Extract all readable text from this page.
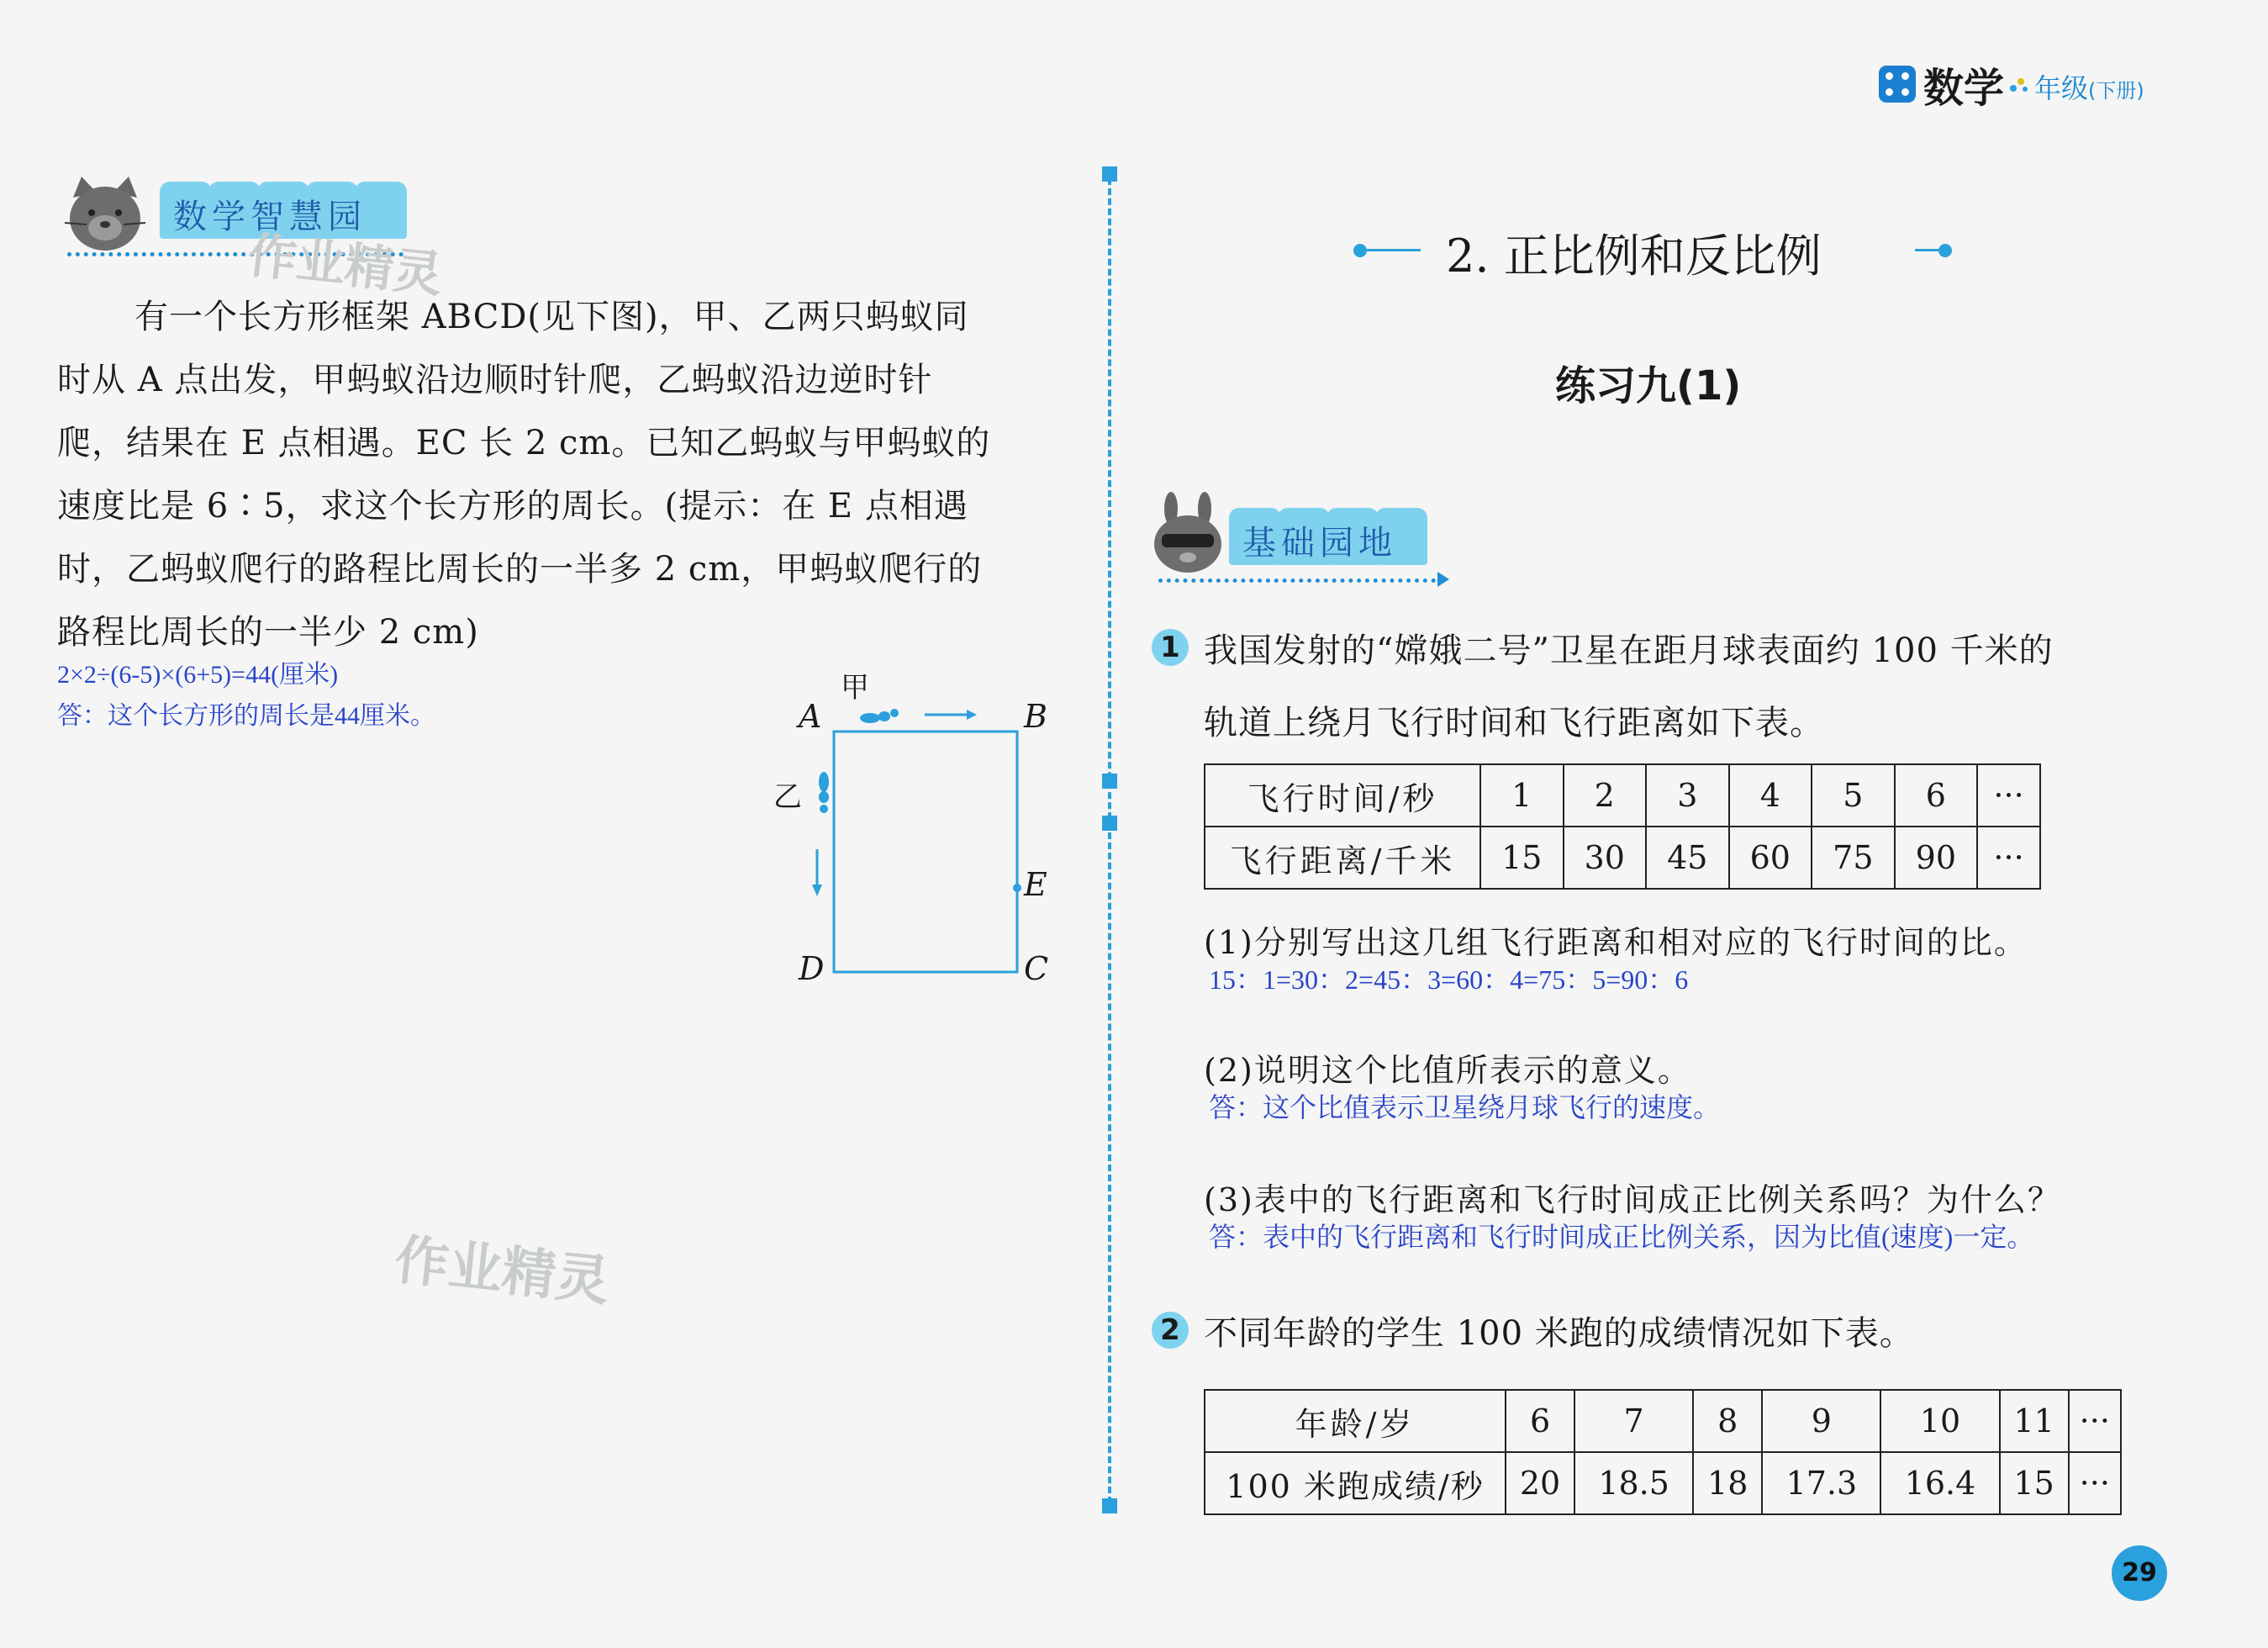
数学 年级(下册)
数学智慧园
作业精灵
有一个长方形框架 ABCD(见下图)，甲、乙两只蚂蚁同
时从 A 点出发，甲蚂蚁沿边顺时针爬，乙蚂蚁沿边逆时针
爬，结果在 E 点相遇。EC 长 2 cm。已知乙蚂蚁与甲蚂蚁的
速度比是 6∶5，求这个长方形的周长。(提示：在 E 点相遇
时，乙蚂蚁爬行的路程比周长的一半多 2 cm，甲蚂蚁爬行的
路程比周长的一半少 2 cm)
2×2÷(6-5)×(6+5)=44(厘米)
答：这个长方形的周长是44厘米。
甲
乙
A	B
E
D	C
作业精灵
2. 正比例和反比例
练习九(1)
基础园地
1 我国发射的“嫦娥二号”卫星在距月球表面约 100 千米的
轨道上绕月飞行时间和飞行距离如下表。
飞行时间/秒	1	2	3	4	5	6	···
飞行距离/千米	15	30	45	60	75	90	···
(1)分别写出这几组飞行距离和相对应的飞行时间的比。
15：1=30：2=45：3=60：4=75：5=90：6
(2)说明这个比值所表示的意义。
答：这个比值表示卫星绕月球飞行的速度。
(3)表中的飞行距离和飞行时间成正比例关系吗？为什么？
答：表中的飞行距离和飞行时间成正比例关系，因为比值(速度)一定。
2 不同年龄的学生 100 米跑的成绩情况如下表。
年龄/岁	6	7	8	9	10	11	···
100 米跑成绩/秒	20	18.5	18	17.3	16.4	15	···
29
